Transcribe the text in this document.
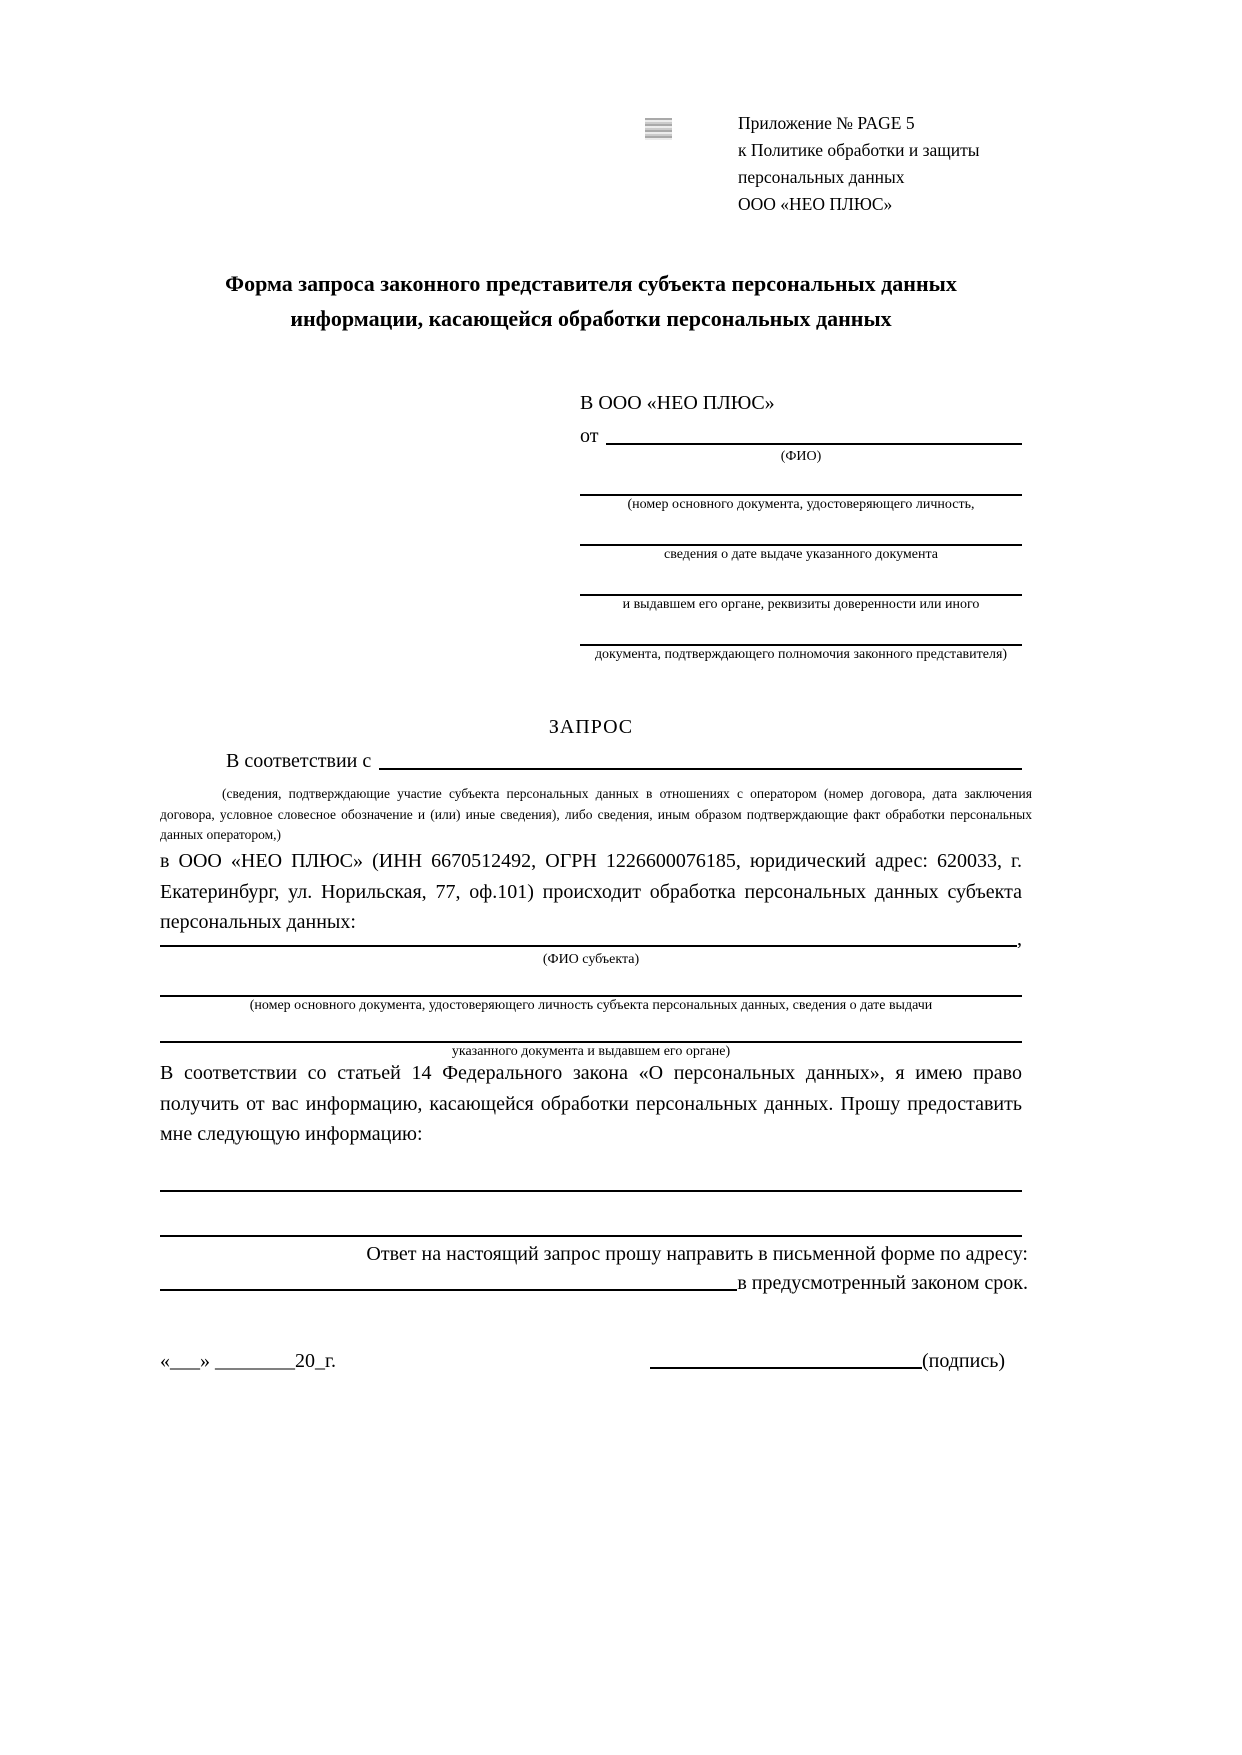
Приложение № PAGE 5
к Политике обработки и защиты
персональных данных
ООО «НЕО ПЛЮС»
Форма запроса законного представителя субъекта персональных данных
информации, касающейся обработки персональных данных
В ООО «НЕО ПЛЮС»
от
(ФИО)
(номер основного документа, удостоверяющего личность,
сведения о дате выдаче указанного документа
и выдавшем его органе, реквизиты доверенности или иного
документа, подтверждающего полномочия законного представителя)
ЗАПРОС
В соответствии с
(сведения, подтверждающие участие субъекта персональных данных в отношениях с оператором (номер договора, дата заключения договора, условное словесное обозначение и (или) иные сведения), либо сведения, иным образом подтверждающие факт обработки персональных данных оператором,)
в ООО «НЕО ПЛЮС» (ИНН 6670512492, ОГРН 1226600076185, юридический адрес: 620033, г. Екатеринбург, ул. Норильская, 77, оф.101) происходит обработка персональных данных субъекта персональных данных:
,
(ФИО субъекта)
(номер основного документа, удостоверяющего личность субъекта персональных данных, сведения о дате выдачи
указанного документа и выдавшем его органе)
В соответствии со статьей 14 Федерального закона «О персональных данных», я имею право получить от вас информацию, касающейся обработки персональных данных. Прошу предоставить мне следующую информацию:
Ответ на настоящий запрос прошу направить в письменной форме по адресу:
в предусмотренный законом срок.
«___» ________20_г.	(подпись)
